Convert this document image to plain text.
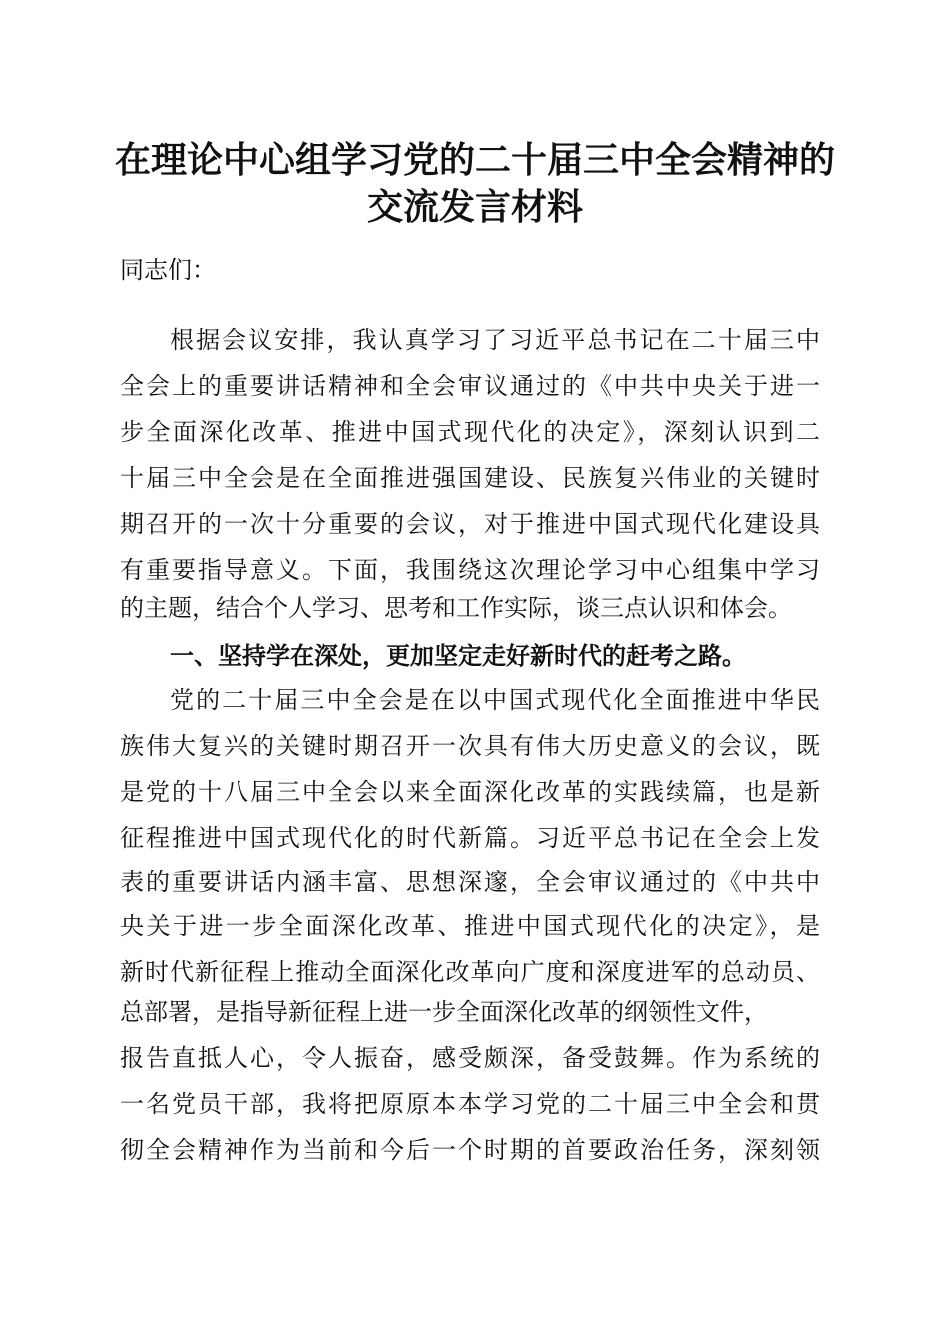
在理论中心组学习党的二十届三中全会精神的
交流发言材料
同志们：
根据会议安排，我认真学习了习近平总书记在二十届三中
全会上的重要讲话精神和全会审议通过的《中共中央关于进一
步全面深化改革、推进中国式现代化的决定》，深刻认识到二
十届三中全会是在全面推进强国建设、民族复兴伟业的关键时
期召开的一次十分重要的会议，对于推进中国式现代化建设具
有重要指导意义。下面，我围绕这次理论学习中心组集中学习
的主题，结合个人学习、思考和工作实际，谈三点认识和体会。
一、坚持学在深处，更加坚定走好新时代的赶考之路。
党的二十届三中全会是在以中国式现代化全面推进中华民
族伟大复兴的关键时期召开一次具有伟大历史意义的会议，既
是党的十八届三中全会以来全面深化改革的实践续篇，也是新
征程推进中国式现代化的时代新篇。习近平总书记在全会上发
表的重要讲话内涵丰富、思想深邃，全会审议通过的《中共中
央关于进一步全面深化改革、推进中国式现代化的决定》，是
新时代新征程上推动全面深化改革向广度和深度进军的总动员、
总部署，是指导新征程上进一步全面深化改革的纲领性文件，
报告直抵人心，令人振奋，感受颇深，备受鼓舞。作为系统的
一名党员干部，我将把原原本本学习党的二十届三中全会和贯
彻全会精神作为当前和今后一个时期的首要政治任务，深刻领
